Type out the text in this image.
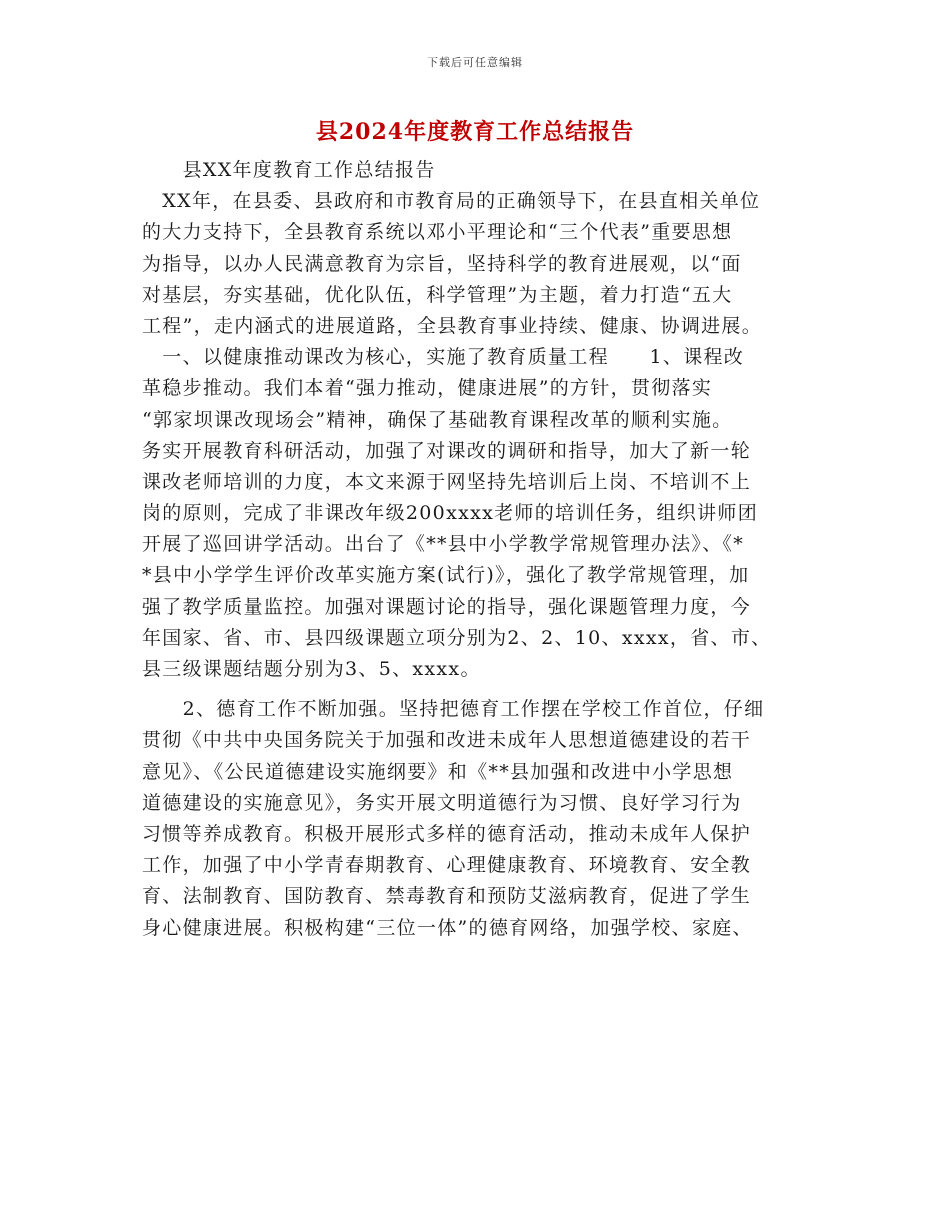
下载后可任意编辑
县2024年度教育工作总结报告
　　县XX年度教育工作总结报告
　XX年，在县委、县政府和市教育局的正确领导下，在县直相关单位
的大力支持下，全县教育系统以邓小平理论和“三个代表”重要思想
为指导，以办人民满意教育为宗旨，坚持科学的教育进展观，以“面
对基层，夯实基础，优化队伍，科学管理”为主题，着力打造“五大
工程”，走内涵式的进展道路，全县教育事业持续、健康、协调进展。
　一、以健康推动课改为核心，实施了教育质量工程　　1、课程改
革稳步推动。我们本着“强力推动，健康进展”的方针，贯彻落实
“郭家坝课改现场会”精神，确保了基础教育课程改革的顺利实施。
务实开展教育科研活动，加强了对课改的调研和指导，加大了新一轮
课改老师培训的力度，本文来源于网坚持先培训后上岗、不培训不上
岗的原则，完成了非课改年级200xxxx老师的培训任务，组织讲师团
开展了巡回讲学活动。出台了《**县中小学教学常规管理办法》、《*
*县中小学学生评价改革实施方案(试行)》，强化了教学常规管理，加
强了教学质量监控。加强对课题讨论的指导，强化课题管理力度，今
年国家、省、市、县四级课题立项分别为2、2、10、xxxx，省、市、
县三级课题结题分别为3、5、xxxx。
　　2、德育工作不断加强。坚持把德育工作摆在学校工作首位，仔细
贯彻《中共中央国务院关于加强和改进未成年人思想道德建设的若干
意见》、《公民道德建设实施纲要》和《**县加强和改进中小学思想
道德建设的实施意见》，务实开展文明道德行为习惯、良好学习行为
习惯等养成教育。积极开展形式多样的德育活动，推动未成年人保护
工作，加强了中小学青春期教育、心理健康教育、环境教育、安全教
育、法制教育、国防教育、禁毒教育和预防艾滋病教育，促进了学生
身心健康进展。积极构建“三位一体”的德育网络，加强学校、家庭、
